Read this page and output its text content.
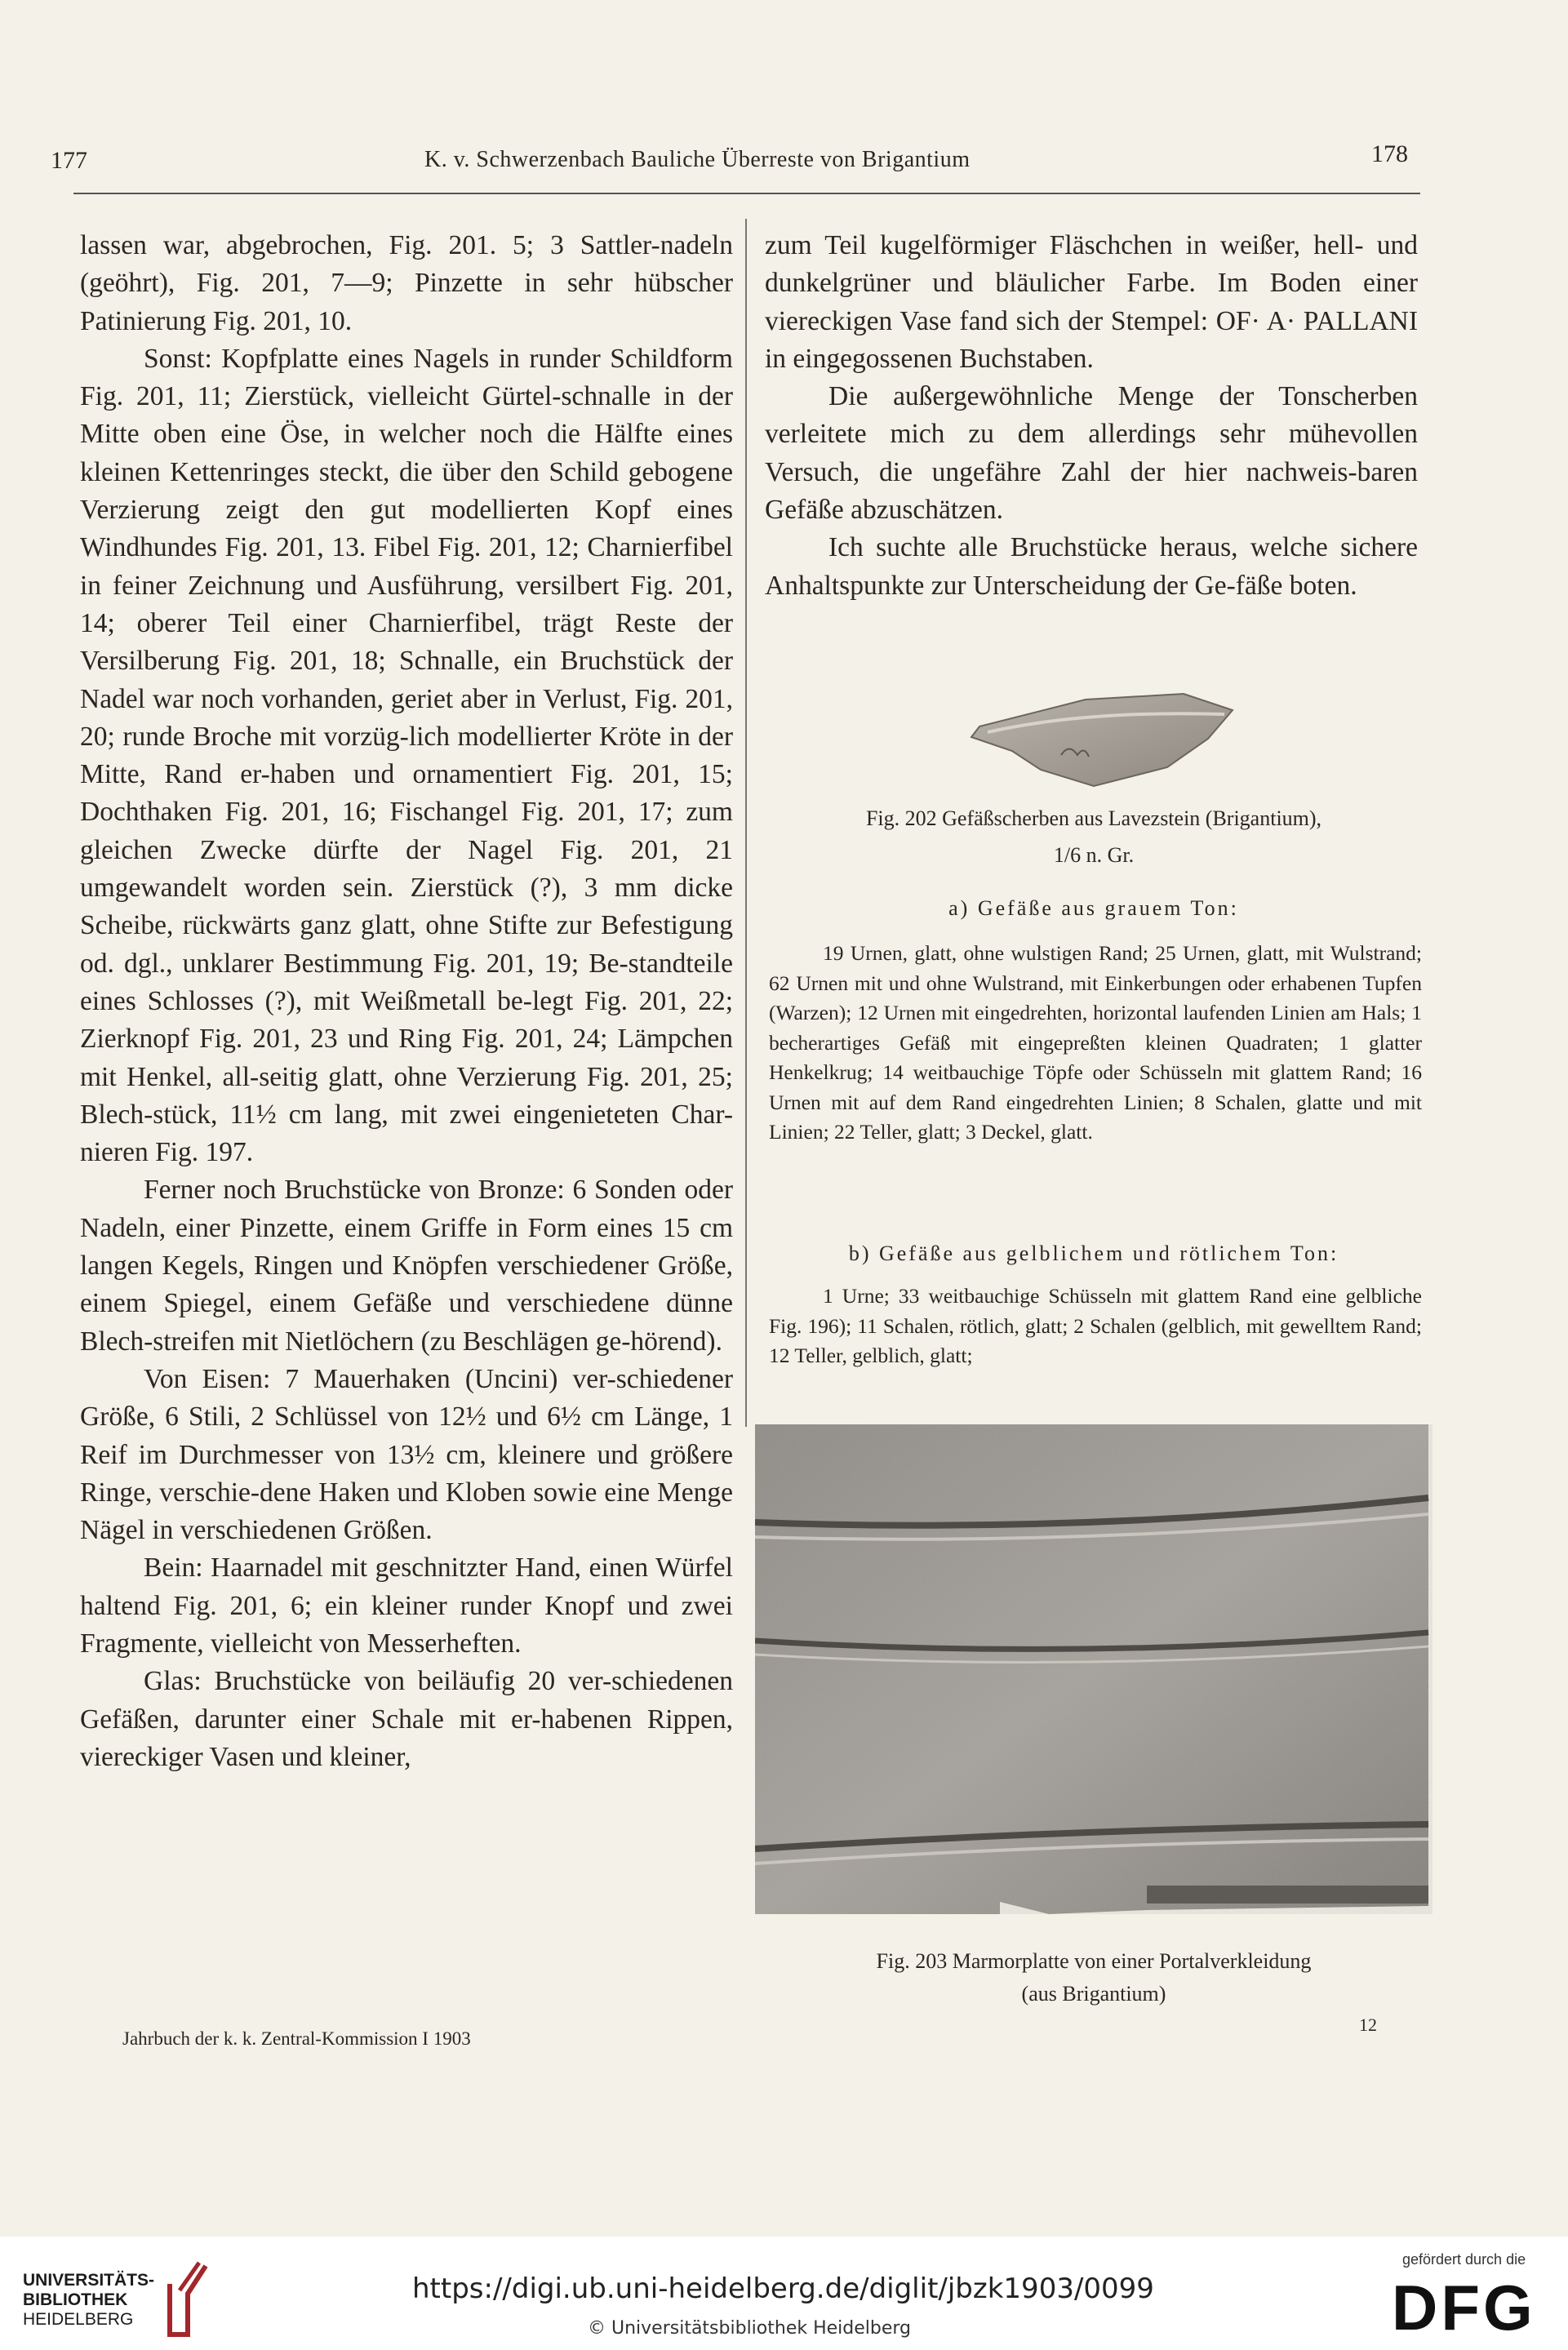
177	K. v. Schwerzenbach Bauliche Überreste von Brigantium	178

lassen war, abgebrochen, Fig. 201. 5; 3 Sattler-nadeln (geöhrt), Fig. 201, 7—9; Pinzette in sehr hübscher Patinierung Fig. 201, 10.

Sonst: Kopfplatte eines Nagels in runder Schildform Fig. 201, 11; Zierstück, vielleicht Gürtel-schnalle in der Mitte oben eine Öse, in welcher noch die Hälfte eines kleinen Kettenringes steckt, die über den Schild gebogene Verzierung zeigt den gut modellierten Kopf eines Windhundes Fig. 201, 13. Fibel Fig. 201, 12; Charnierfibel in feiner Zeichnung und Ausführung, versilbert Fig. 201, 14; oberer Teil einer Charnierfibel, trägt Reste der Versilberung Fig. 201, 18; Schnalle, ein Bruchstück der Nadel war noch vorhanden, geriet aber in Verlust, Fig. 201, 20; runde Broche mit vorzüg-lich modellierter Kröte in der Mitte, Rand er-haben und ornamentiert Fig. 201, 15; Dochthaken Fig. 201, 16; Fischangel Fig. 201, 17; zum gleichen Zwecke dürfte der Nagel Fig. 201, 21 umgewandelt worden sein. Zierstück (?), 3 mm dicke Scheibe, rückwärts ganz glatt, ohne Stifte zur Befestigung od. dgl., unklarer Bestimmung Fig. 201, 19; Be-standteile eines Schlosses (?), mit Weißmetall be-legt Fig. 201, 22; Zierknopf Fig. 201, 23 und Ring Fig. 201, 24; Lämpchen mit Henkel, all-seitig glatt, ohne Verzierung Fig. 201, 25; Blech-stück, 11½ cm lang, mit zwei eingenieteten Char-nieren Fig. 197.

Ferner noch Bruchstücke von Bronze: 6 Sonden oder Nadeln, einer Pinzette, einem Griffe in Form eines 15 cm langen Kegels, Ringen und Knöpfen verschiedener Größe, einem Spiegel, einem Gefäße und verschiedene dünne Blech-streifen mit Nietlöchern (zu Beschlägen ge-hörend).

Von Eisen: 7 Mauerhaken (Uncini) ver-schiedener Größe, 6 Stili, 2 Schlüssel von 12½ und 6½ cm Länge, 1 Reif im Durchmesser von 13½ cm, kleinere und größere Ringe, verschie-dene Haken und Kloben sowie eine Menge Nägel in verschiedenen Größen.

Bein: Haarnadel mit geschnitzter Hand, einen Würfel haltend Fig. 201, 6; ein kleiner runder Knopf und zwei Fragmente, vielleicht von Messerheften.

Glas: Bruchstücke von beiläufig 20 ver-schiedenen Gefäßen, darunter einer Schale mit er-habenen Rippen, viereckiger Vasen und kleiner,

Jahrbuch der k. k. Zentral-Kommission I 1903

zum Teil kugelförmiger Fläschchen in weißer, hell- und dunkelgrüner und bläulicher Farbe. Im Boden einer viereckigen Vase fand sich der Stempel: OF· A· PALLANI in eingegossenen Buchstaben.

Die außergewöhnliche Menge der Tonscherben verleitete mich zu dem allerdings sehr mühevollen Versuch, die ungefähre Zahl der hier nachweis-baren Gefäße abzuschätzen.

Ich suchte alle Bruchstücke heraus, welche sichere Anhaltspunkte zur Unterscheidung der Ge-fäße boten.

Fig. 202 Gefäßscherben aus Lavezstein (Brigantium),
1/6 n. Gr.
a) Gefäße aus grauem Ton:
19 Urnen, glatt, ohne wulstigen Rand; 25 Urnen, glatt, mit Wulstrand; 62 Urnen mit und ohne Wulstrand, mit Einkerbungen oder erhabenen Tupfen (Warzen); 12 Urnen mit eingedrehten, horizontal laufenden Linien am Hals; 1 becherartiges Gefäß mit eingepreßten kleinen Quadraten; 1 glatter Henkelkrug; 14 weitbauchige Töpfe oder Schüsseln mit glattem Rand; 16 Urnen mit auf dem Rand eingedrehten Linien; 8 Schalen, glatte und mit Linien; 22 Teller, glatt; 3 Deckel, glatt.
b) Gefäße aus gelblichem und rötlichem Ton:
1 Urne; 33 weitbauchige Schüsseln mit glattem Rand eine gelbliche Fig. 196); 11 Schalen, rötlich, glatt; 2 Schalen (gelblich, mit gewelltem Rand; 12 Teller, gelblich, glatt;
Fig. 203 Marmorplatte von einer Portalverkleidung
(aus Brigantium)
12
UNIVERSITÄTS-
BIBLIOTHEK
HEIDELBERG
https://digi.ub.uni-heidelberg.de/diglit/jbzk1903/0099
© Universitätsbibliothek Heidelberg
gefördert durch die
DFG
